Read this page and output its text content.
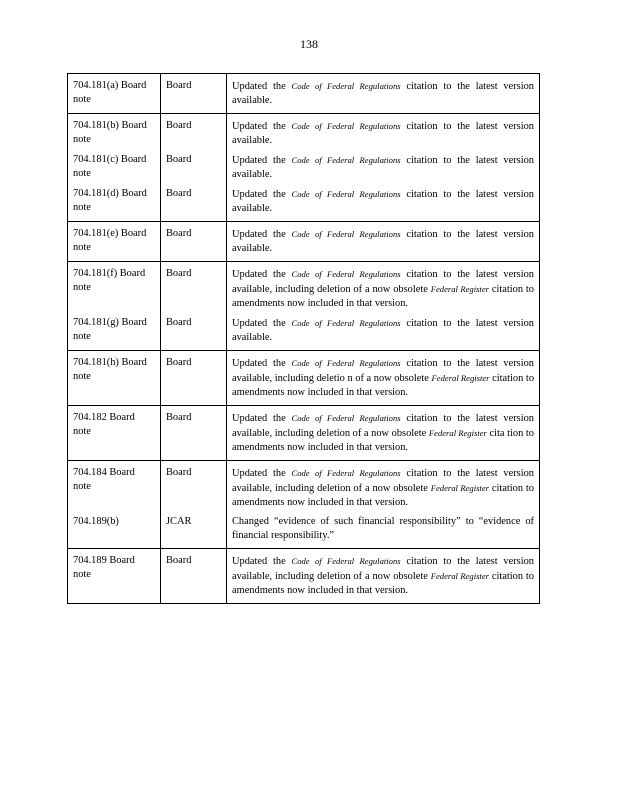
138
704.181(a) Board note	Board	Updated the Code of Federal Regulations citation to the latest version available.
704.181(b) Board note	Board	Updated the Code of Federal Regulations citation to the latest version available.
704.181(c) Board note	Board	Updated the Code of Federal Regulations citation to the latest version available.
704.181(d) Board note	Board	Updated the Code of Federal Regulations citation to the latest version available.
704.181(e) Board note	Board	Updated the Code of Federal Regulations citation to the latest version available.
704.181(f) Board note	Board	Updated the Code of Federal Regulations citation to the latest version available, including deletion of a now obsolete Federal Register citation to amendments now included in that version.
704.181(g) Board note	Board	Updated the Code of Federal Regulations citation to the latest version available.
704.181(h) Board note	Board	Updated the Code of Federal Regulations citation to the latest version available, including deletio n of a now obsolete Federal Register citation to amendments now included in that version.
704.182 Board note	Board	Updated the Code of Federal Regulations citation to the latest version available, including deletion of a now obsolete Federal Register cita tion to amendments now included in that version.
704.184 Board note	Board	Updated the Code of Federal Regulations citation to the latest version available, including deletion of a now obsolete Federal Register citation to amendments now included in that version.
704.189(b)	JCAR	Changed “evidence of such financial responsibility” to “evidence of financial responsibility.”
704.189 Board note	Board	Updated the Code of Federal Regulations citation to the latest version available, including deletion of a now obsolete Federal Register citation to amendments now included in that version.
